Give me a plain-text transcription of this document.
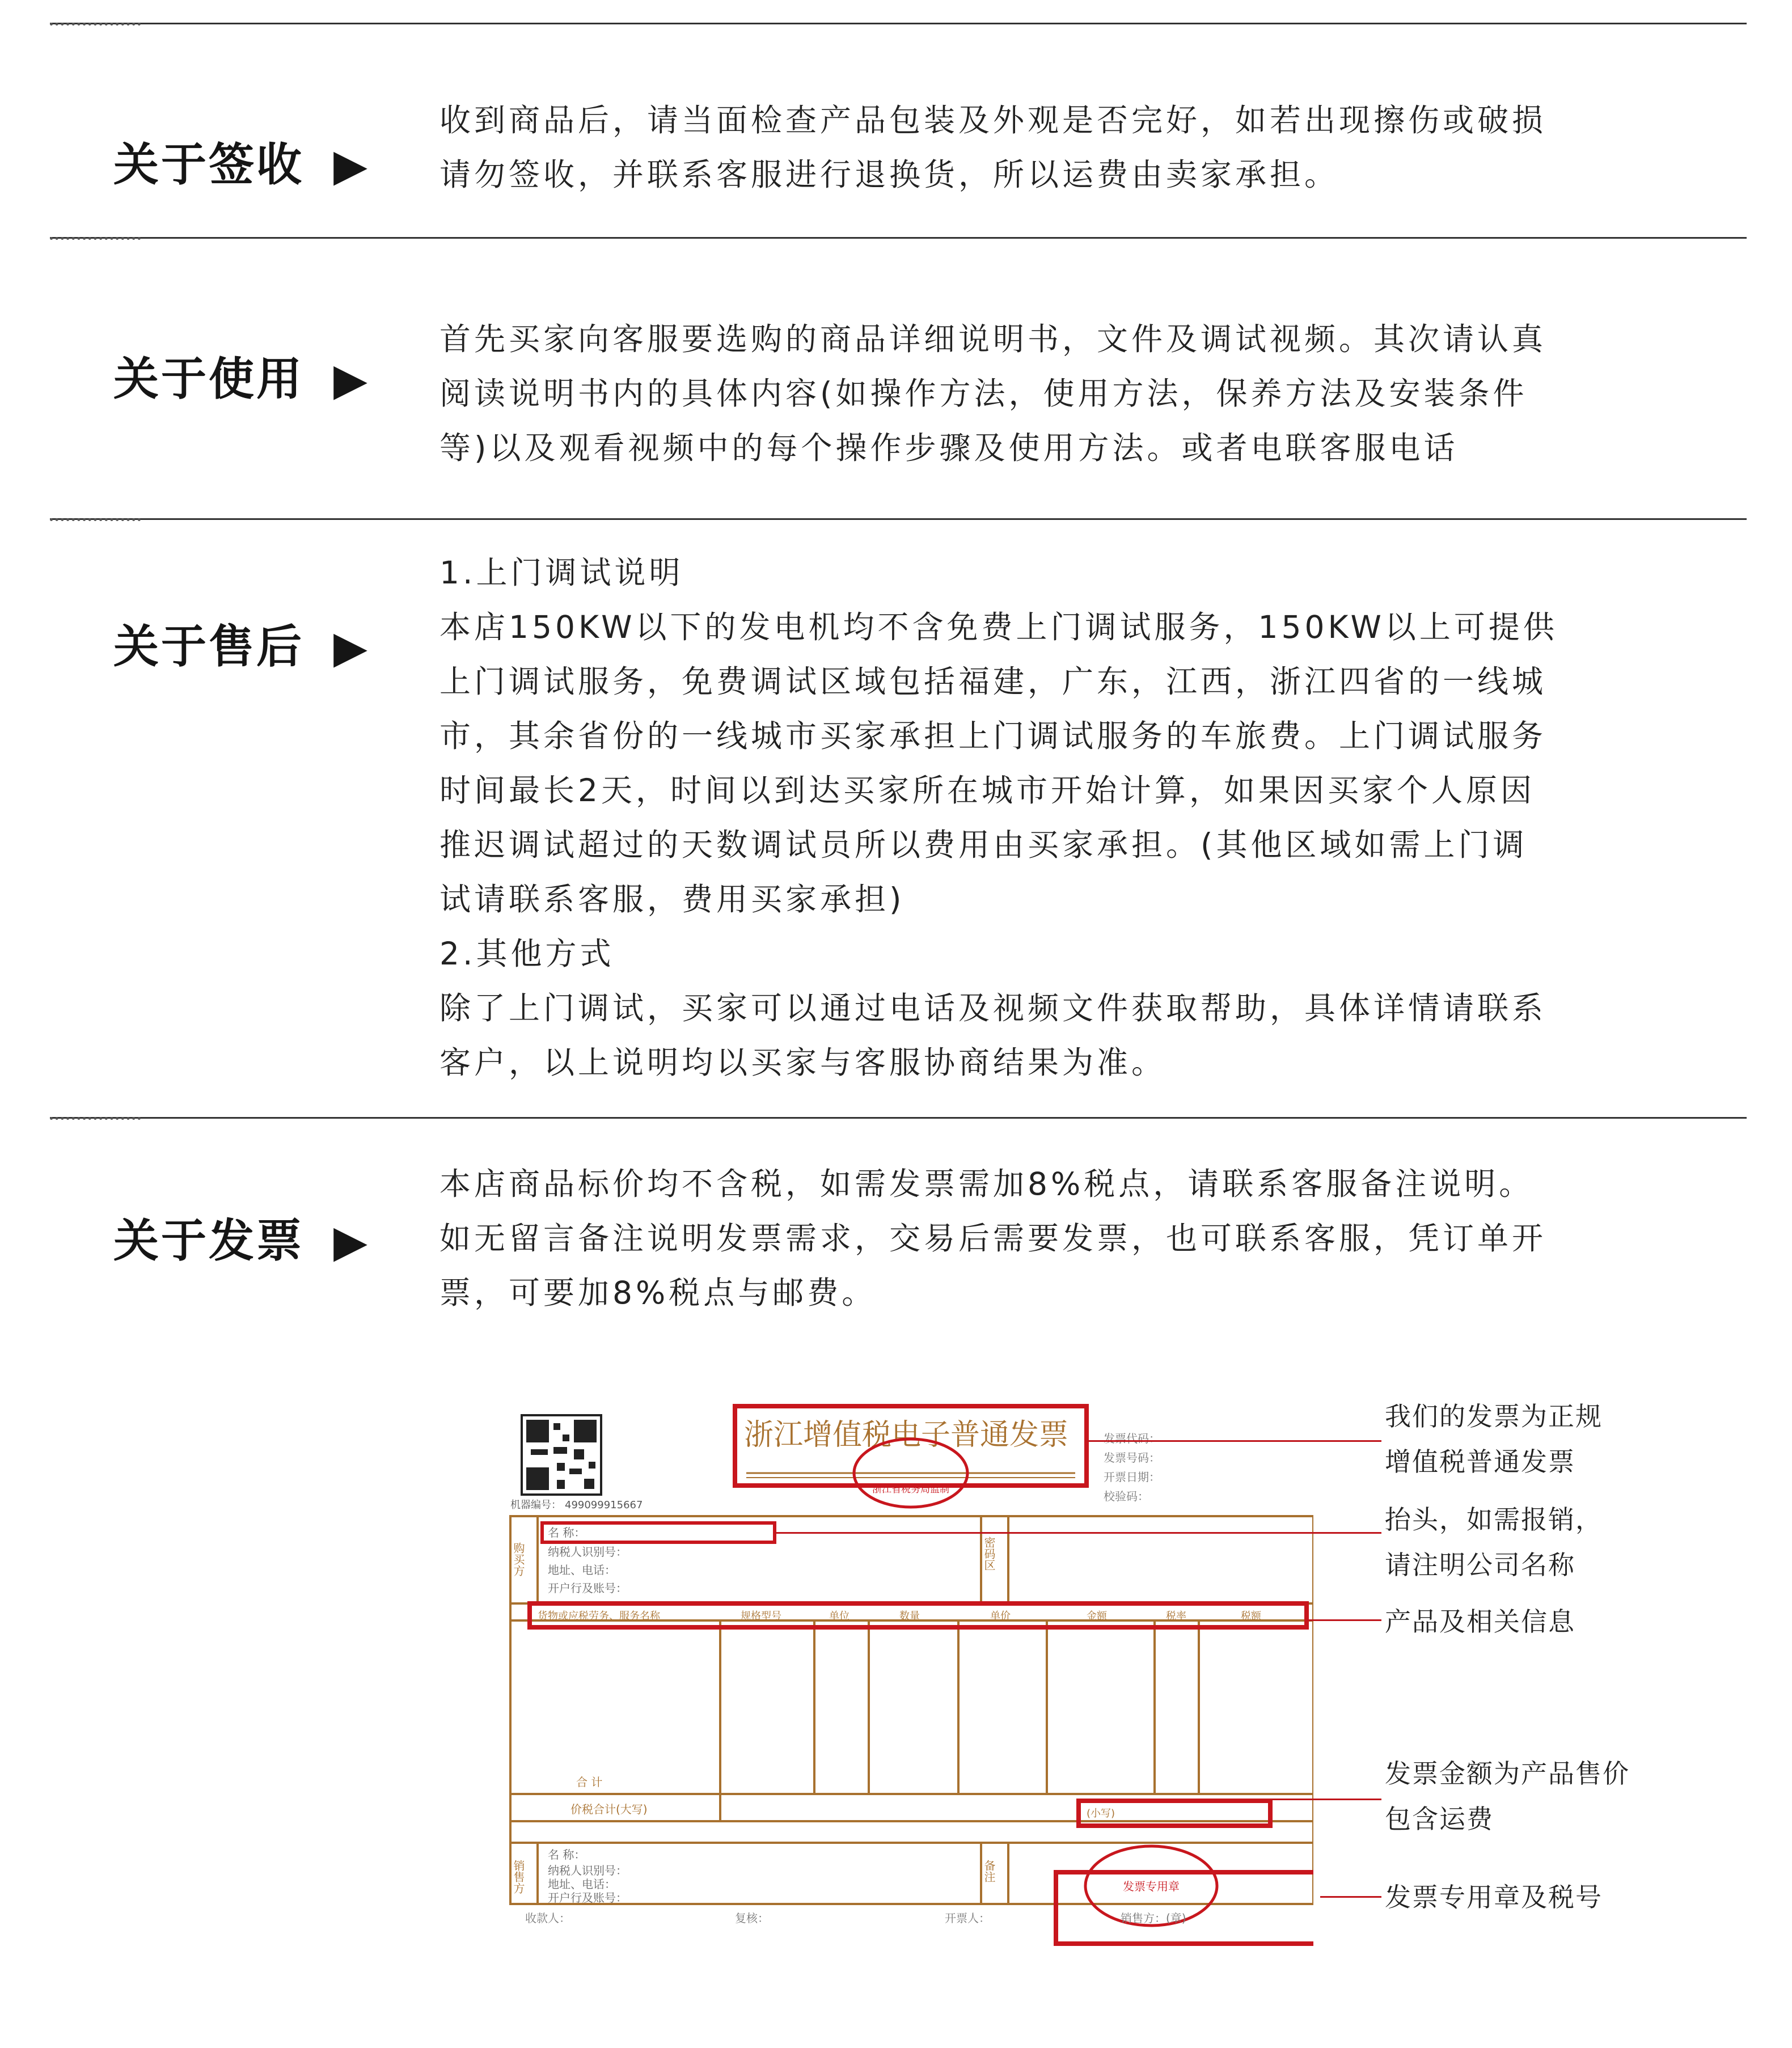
关于签收 ▶

收到商品后，请当面检查产品包装及外观是否完好，如若出现擦伤或破损

请勿签收，并联系客服进行退换货，所以运费由卖家承担。

关于使用 ▶

首先买家向客服要选购的商品详细说明书，文件及调试视频。其次请认真

阅读说明书内的具体内容(如操作方法，使用方法，保养方法及安装条件

等)以及观看视频中的每个操作步骤及使用方法。或者电联客服电话

关于售后 ▶

1.上门调试说明

本店150KW以下的发电机均不含免费上门调试服务，150KW以上可提供

上门调试服务，免费调试区域包括福建，广东，江西，浙江四省的一线城

市，其余省份的一线城市买家承担上门调试服务的车旅费。上门调试服务

时间最长2天，时间以到达买家所在城市开始计算，如果因买家个人原因

推迟调试超过的天数调试员所以费用由买家承担。(其他区域如需上门调

试请联系客服，费用买家承担)

2.其他方式

除了上门调试，买家可以通过电话及视频文件获取帮助，具体详情请联系

客户，以上说明均以买家与客服协商结果为准。

关于发票 ▶

本店商品标价均不含税，如需发票需加8%税点，请联系客服备注说明。

如无留言备注说明发票需求，交易后需要发票，也可联系客服，凭订单开

票，可要加8%税点与邮费。

机器编号： 499099915667
浙江增值税电子普通发票
浙江省税务局监制
发票代码：
发票号码：
开票日期：
校验码：
购买方
名 称：
纳税人识别号：
地址、电话：
开户行及账号：
密码区
货物或应税劳务、服务名称	规格型号	单位	数量	单价	金额	税率	税额
合 计
价税合计(大写)	(小写)
销售方
名 称：
纳税人识别号：
地址、电话：
开户行及账号：
备注
发票专用章
收款人：	复核：	开票人：	销售方：(章)
我们的发票为正规
增值税普通发票
抬头，如需报销，
请注明公司名称
产品及相关信息
发票金额为产品售价
包含运费
发票专用章及税号
